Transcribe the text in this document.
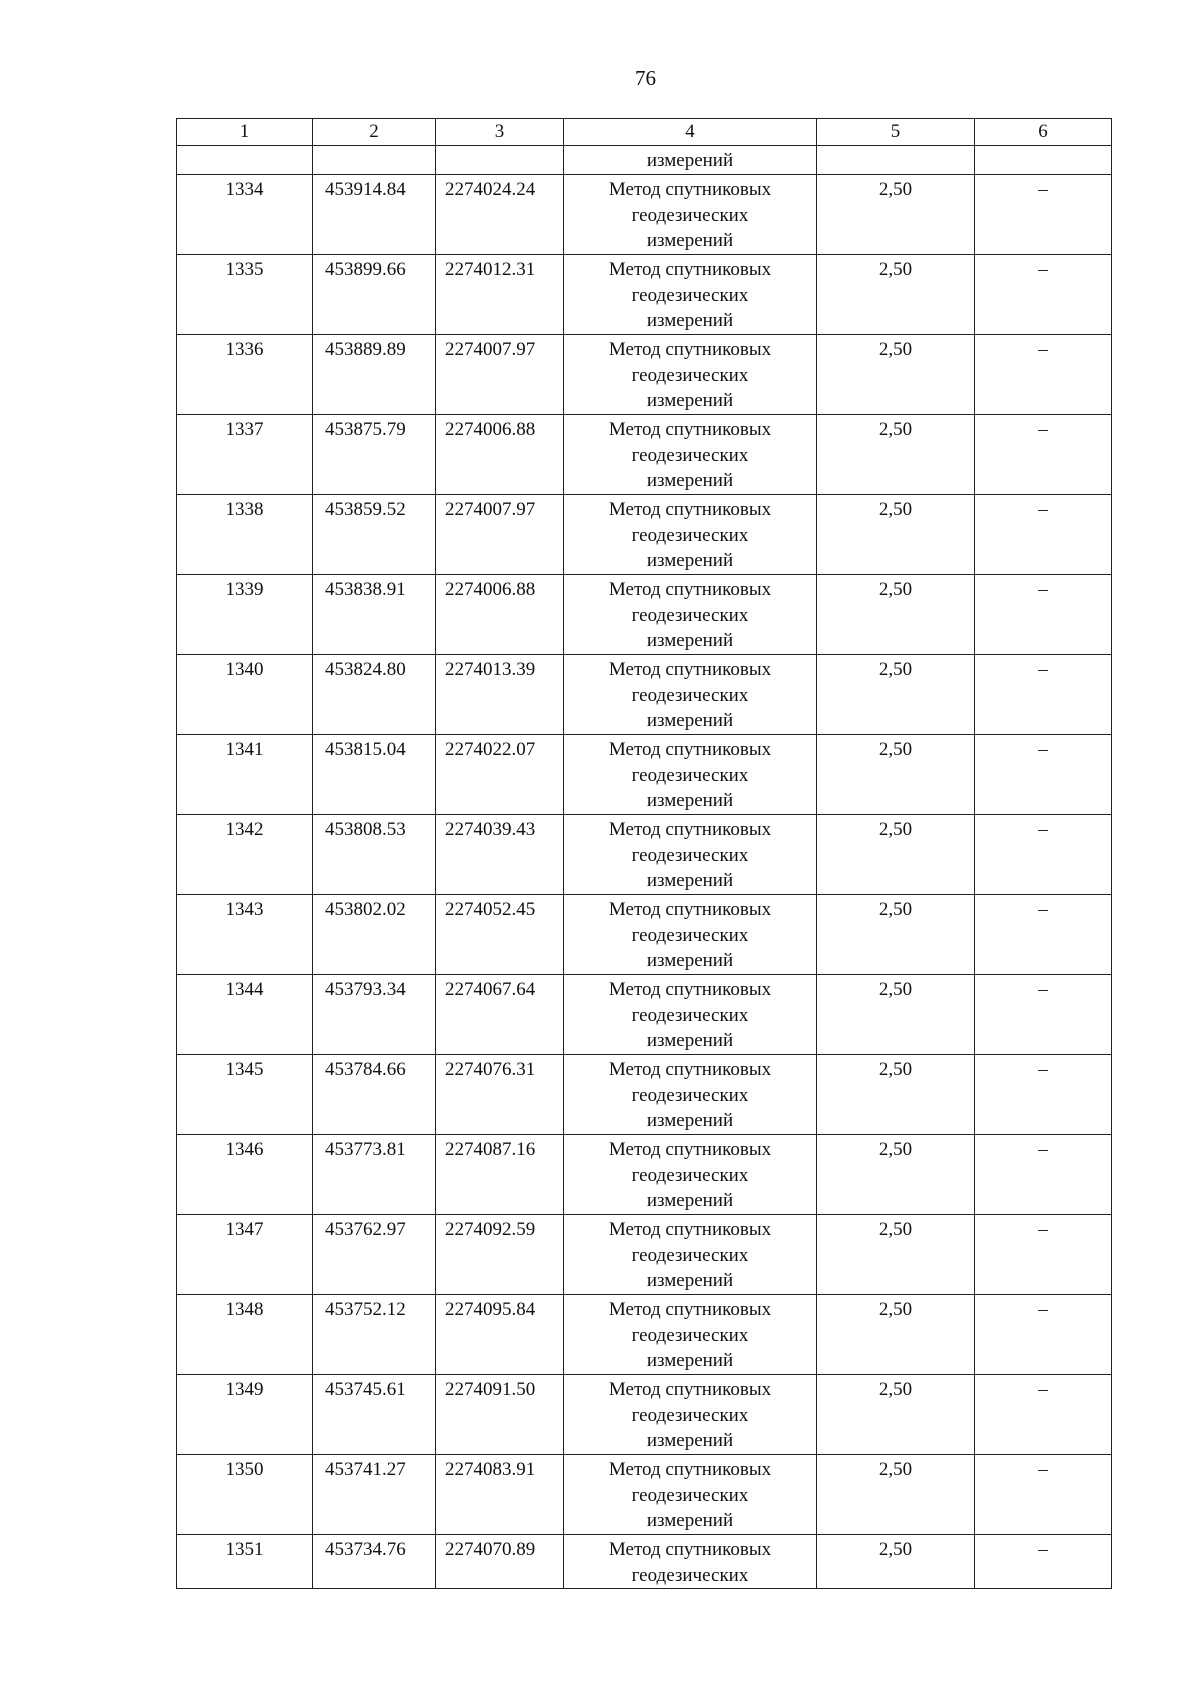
76
1	2	3	4	5	6
			измерений		
1334	453914.84	2274024.24	Метод спутниковых
геодезических
измерений	2,50	–
1335	453899.66	2274012.31	Метод спутниковых
геодезических
измерений	2,50	–
1336	453889.89	2274007.97	Метод спутниковых
геодезических
измерений	2,50	–
1337	453875.79	2274006.88	Метод спутниковых
геодезических
измерений	2,50	–
1338	453859.52	2274007.97	Метод спутниковых
геодезических
измерений	2,50	–
1339	453838.91	2274006.88	Метод спутниковых
геодезических
измерений	2,50	–
1340	453824.80	2274013.39	Метод спутниковых
геодезических
измерений	2,50	–
1341	453815.04	2274022.07	Метод спутниковых
геодезических
измерений	2,50	–
1342	453808.53	2274039.43	Метод спутниковых
геодезических
измерений	2,50	–
1343	453802.02	2274052.45	Метод спутниковых
геодезических
измерений	2,50	–
1344	453793.34	2274067.64	Метод спутниковых
геодезических
измерений	2,50	–
1345	453784.66	2274076.31	Метод спутниковых
геодезических
измерений	2,50	–
1346	453773.81	2274087.16	Метод спутниковых
геодезических
измерений	2,50	–
1347	453762.97	2274092.59	Метод спутниковых
геодезических
измерений	2,50	–
1348	453752.12	2274095.84	Метод спутниковых
геодезических
измерений	2,50	–
1349	453745.61	2274091.50	Метод спутниковых
геодезических
измерений	2,50	–
1350	453741.27	2274083.91	Метод спутниковых
геодезических
измерений	2,50	–
1351	453734.76	2274070.89	Метод спутниковых
геодезических	2,50	–
